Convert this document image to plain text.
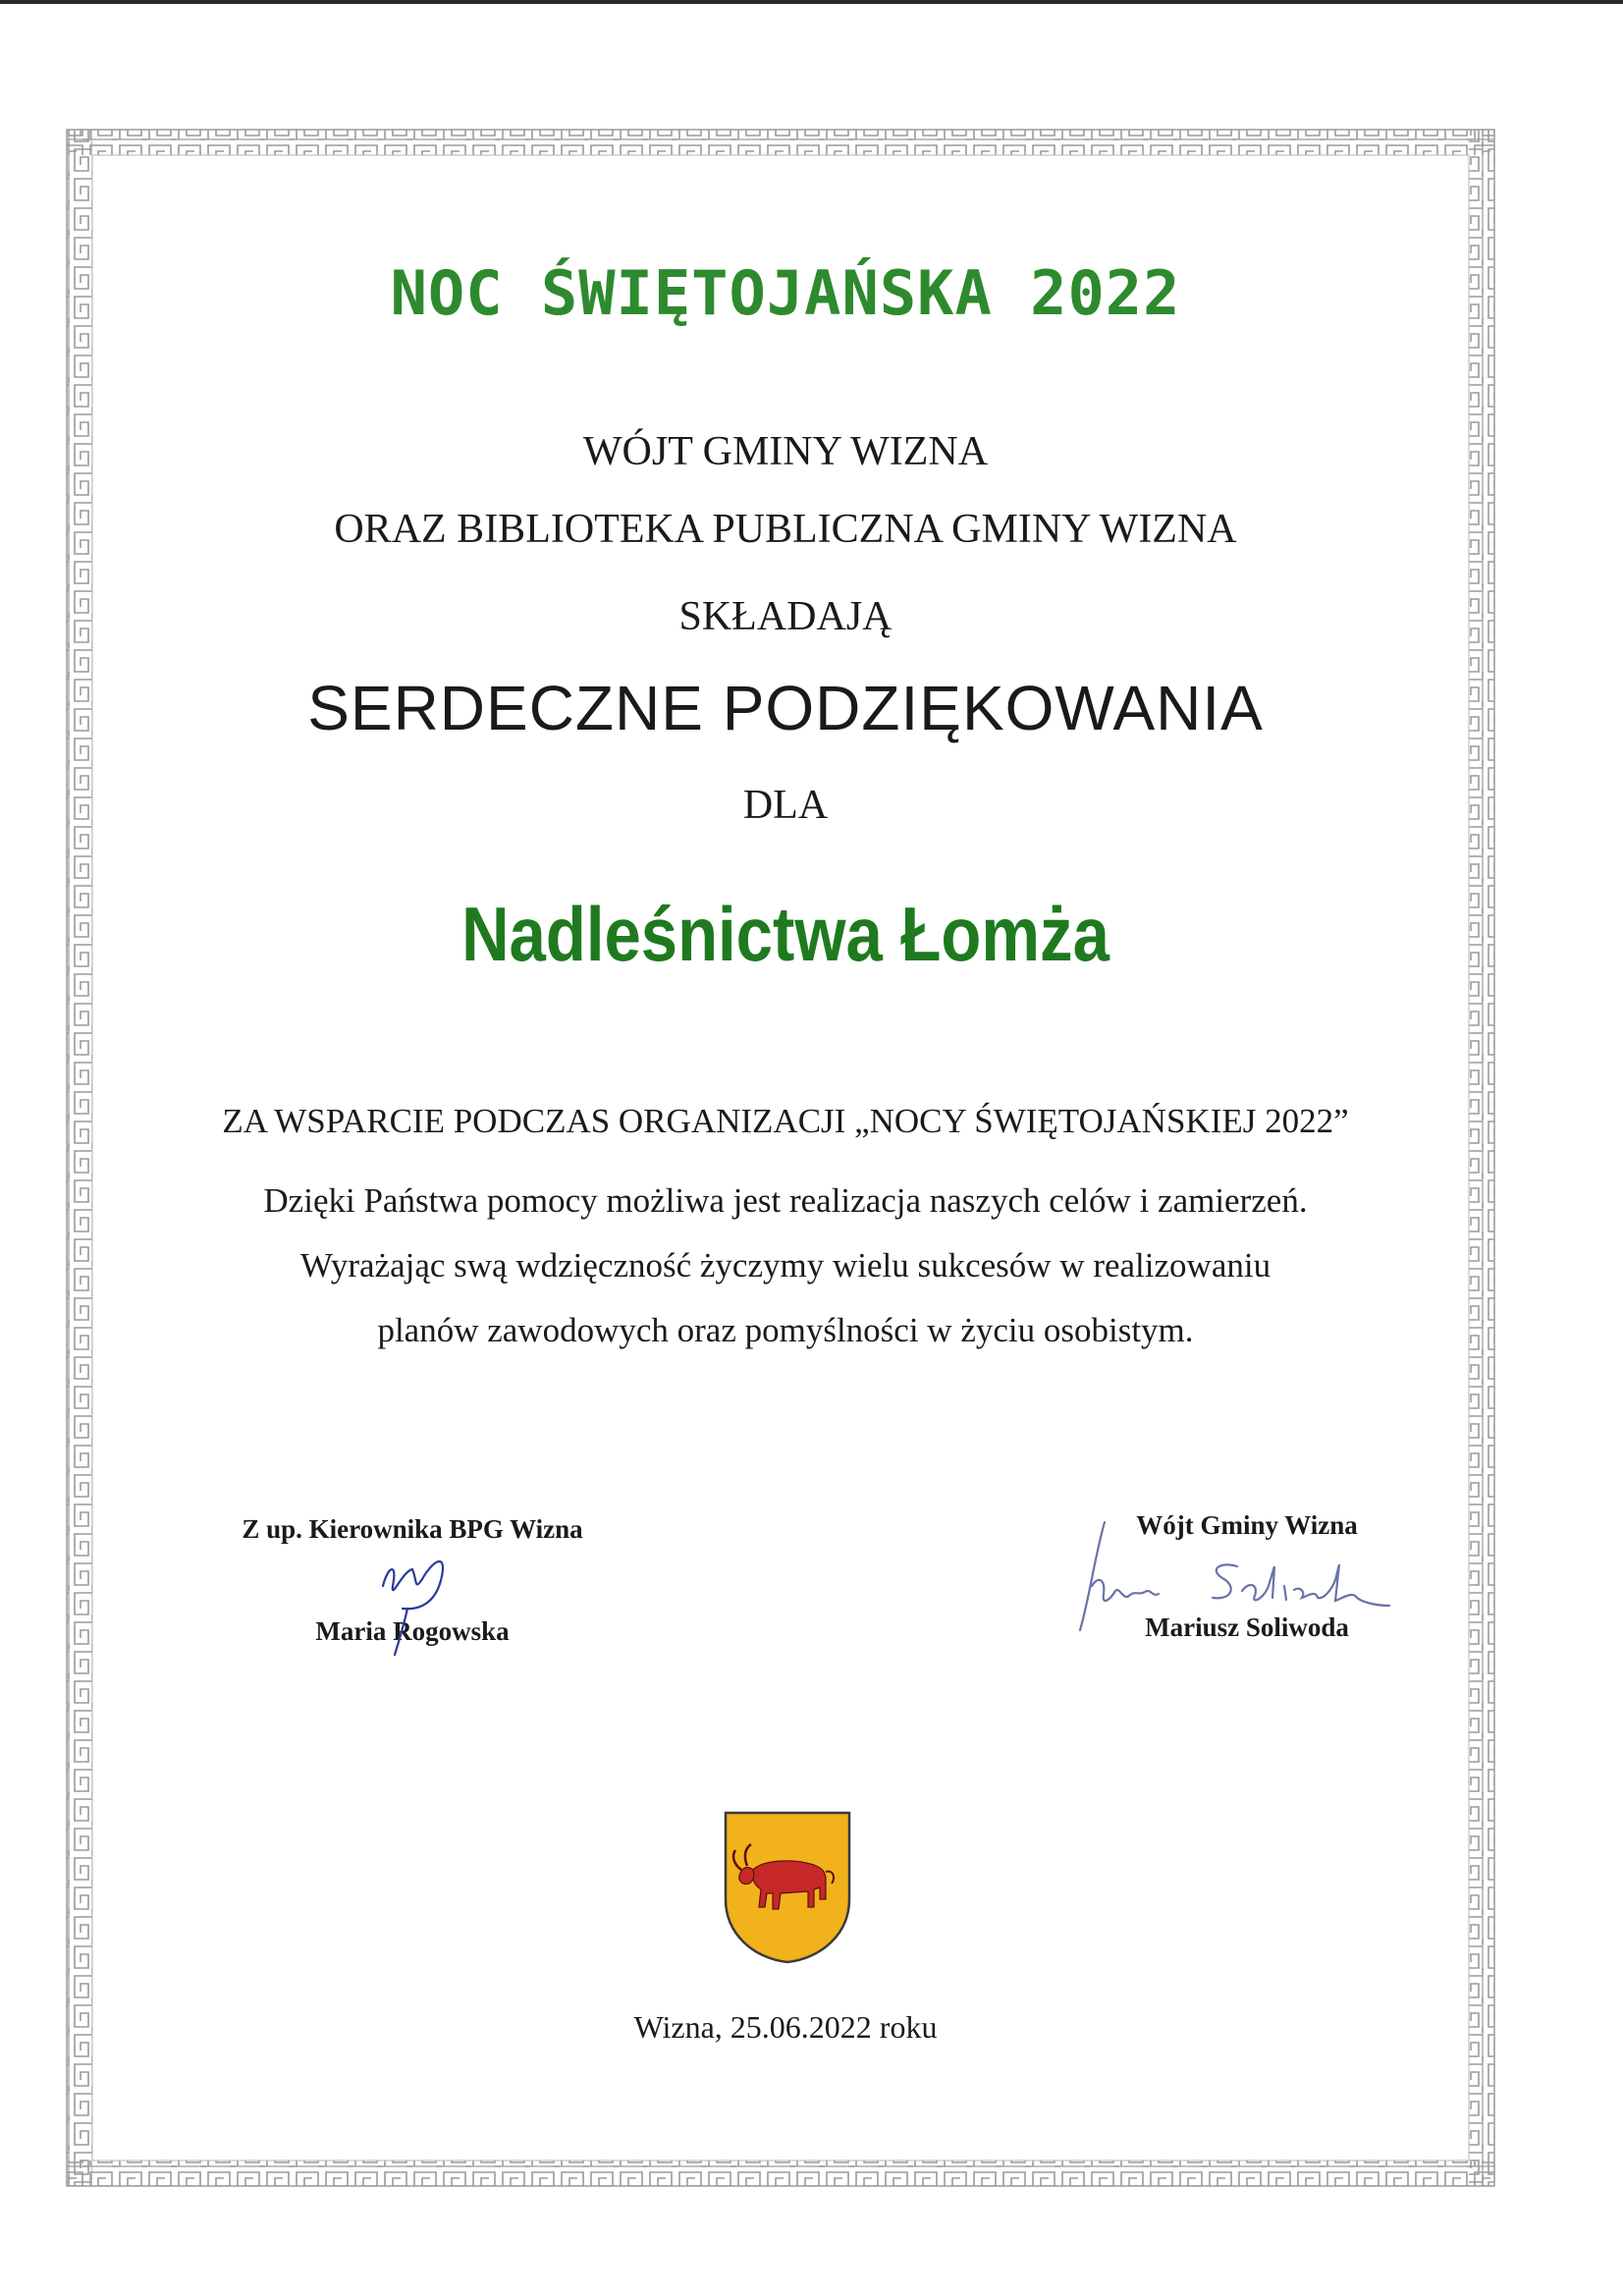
NOC ŚWIĘTOJAŃSKA 2022
WÓJT GMINY WIZNA
ORAZ BIBLIOTEKA PUBLICZNA GMINY WIZNA
SKŁADAJĄ
SERDECZNE PODZIĘKOWANIA
DLA
Nadleśnictwa Łomża
ZA WSPARCIE PODCZAS ORGANIZACJI „NOCY ŚWIĘTOJAŃSKIEJ 2022”
Dzięki Państwa pomocy możliwa jest realizacja naszych celów i zamierzeń.
Wyrażając swą wdzięczność życzymy wielu sukcesów w realizowaniu
planów zawodowych oraz pomyślności w życiu osobistym.
Z up. Kierownika BPG Wizna
Maria Rogowska
Wójt Gminy Wizna
Mariusz Soliwoda
Wizna, 25.06.2022 roku
